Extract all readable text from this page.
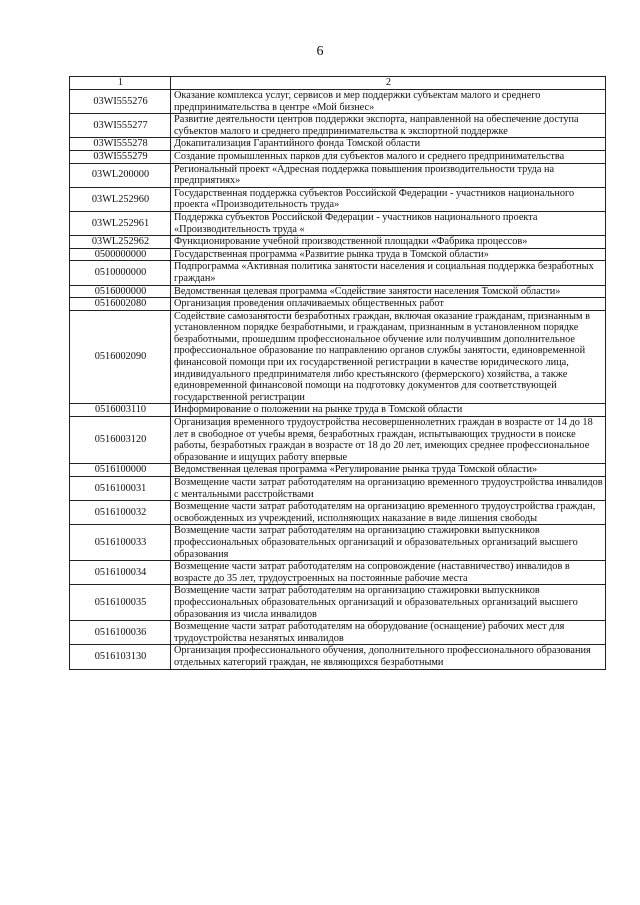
6
1	2
03WI555276	Оказание комплекса услуг, сервисов и мер поддержки субъектам малого и среднего предпринимательства в центре «Мой бизнес»
03WI555277	Развитие деятельности центров поддержки экспорта, направленной на обеспечение доступа субъектов малого и среднего предпринимательства к экспортной поддержке
03WI555278	Докапитализация Гарантийного фонда Томской области
03WI555279	Создание промышленных парков для субъектов малого и среднего предпринимательства
03WL200000	Региональный проект «Адресная поддержка повышения производительности труда на предприятиях»
03WL252960	Государственная поддержка субъектов Российской Федерации - участников национального проекта «Производительность труда»
03WL252961	Поддержка субъектов Российской Федерации - участников национального проекта «Производительность труда «
03WL252962	Функционирование учебной производственной площадки «Фабрика процессов»
0500000000	Государственная программа «Развитие рынка труда в Томской области»
0510000000	Подпрограмма «Активная политика занятости населения и социальная поддержка безработных граждан»
0516000000	Ведомственная целевая программа «Содействие занятости населения Томской области»
0516002080	Организация проведения оплачиваемых общественных работ
0516002090	Содействие самозанятости безработных граждан, включая оказание гражданам, признанным в установленном порядке безработными, и гражданам, признанным в установленном порядке безработными, прошедшим профессиональное обучение или получившим дополнительное профессиональное образование по направлению органов службы занятости, единовременной финансовой помощи при их государственной регистрации в качестве юридического лица, индивидуального предпринимателя либо крестьянского (фермерского) хозяйства, а также единовременной финансовой помощи на подготовку документов для соответствующей государственной регистрации
0516003110	Информирование о положении на рынке труда в Томской области
0516003120	Организация временного трудоустройства несовершеннолетних граждан в возрасте от 14 до 18 лет в свободное от учебы время, безработных граждан, испытывающих трудности в поиске работы, безработных граждан в возрасте от 18 до 20 лет, имеющих среднее профессиональное образование и ищущих работу впервые
0516100000	Ведомственная целевая программа «Регулирование рынка труда Томской области»
0516100031	Возмещение части затрат работодателям на организацию временного трудоустройства инвалидов с ментальными расстройствами
0516100032	Возмещение части затрат работодателям на организацию временного трудоустройства граждан, освобожденных из учреждений, исполняющих наказание в виде лишения свободы
0516100033	Возмещение части затрат работодателям на организацию стажировки выпускников профессиональных образовательных организаций и образовательных организаций высшего образования
0516100034	Возмещение части затрат работодателям на сопровождение (наставничество) инвалидов в возрасте до 35 лет, трудоустроенных на постоянные рабочие места
0516100035	Возмещение части затрат работодателям на организацию стажировки выпускников профессиональных образовательных организаций и образовательных организаций высшего образования из числа инвалидов
0516100036	Возмещение части затрат работодателям на оборудование (оснащение) рабочих мест для трудоустройства незанятых инвалидов
0516103130	Организация профессионального обучения, дополнительного профессионального образования отдельных категорий граждан, не являющихся безработными
